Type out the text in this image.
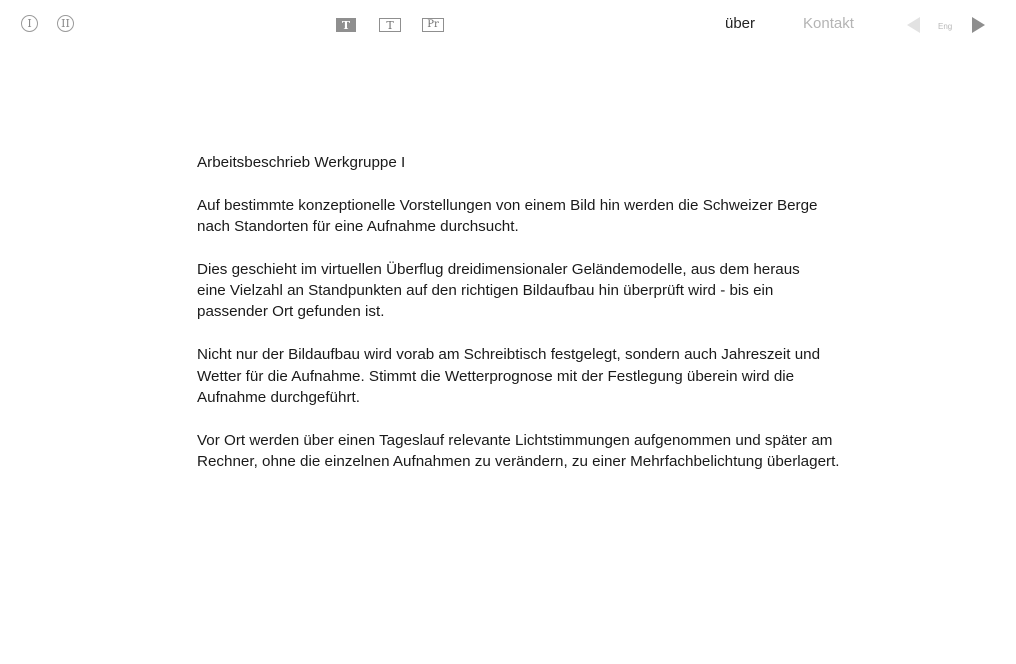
I	II	T	T	Pr	über	Kontakt	Eng

Arbeitsbeschrieb Werkgruppe I

Auf bestimmte konzeptionelle Vorstellungen von einem Bild hin werden die Schweizer Berge
nach Standorten für eine Aufnahme durchsucht.

Dies geschieht im virtuellen Überflug dreidimensionaler Geländemodelle, aus dem heraus
eine Vielzahl an Standpunkten auf den richtigen Bildaufbau hin überprüft wird - bis ein
passender Ort gefunden ist.

Nicht nur der Bildaufbau wird vorab am Schreibtisch festgelegt, sondern auch Jahreszeit und
Wetter für die Aufnahme. Stimmt die Wetterprognose mit der Festlegung überein wird die
Aufnahme durchgeführt.

Vor Ort werden über einen Tageslauf relevante Lichtstimmungen aufgenommen und später am
Rechner, ohne die einzelnen Aufnahmen zu verändern, zu einer Mehrfachbelichtung überlagert.
